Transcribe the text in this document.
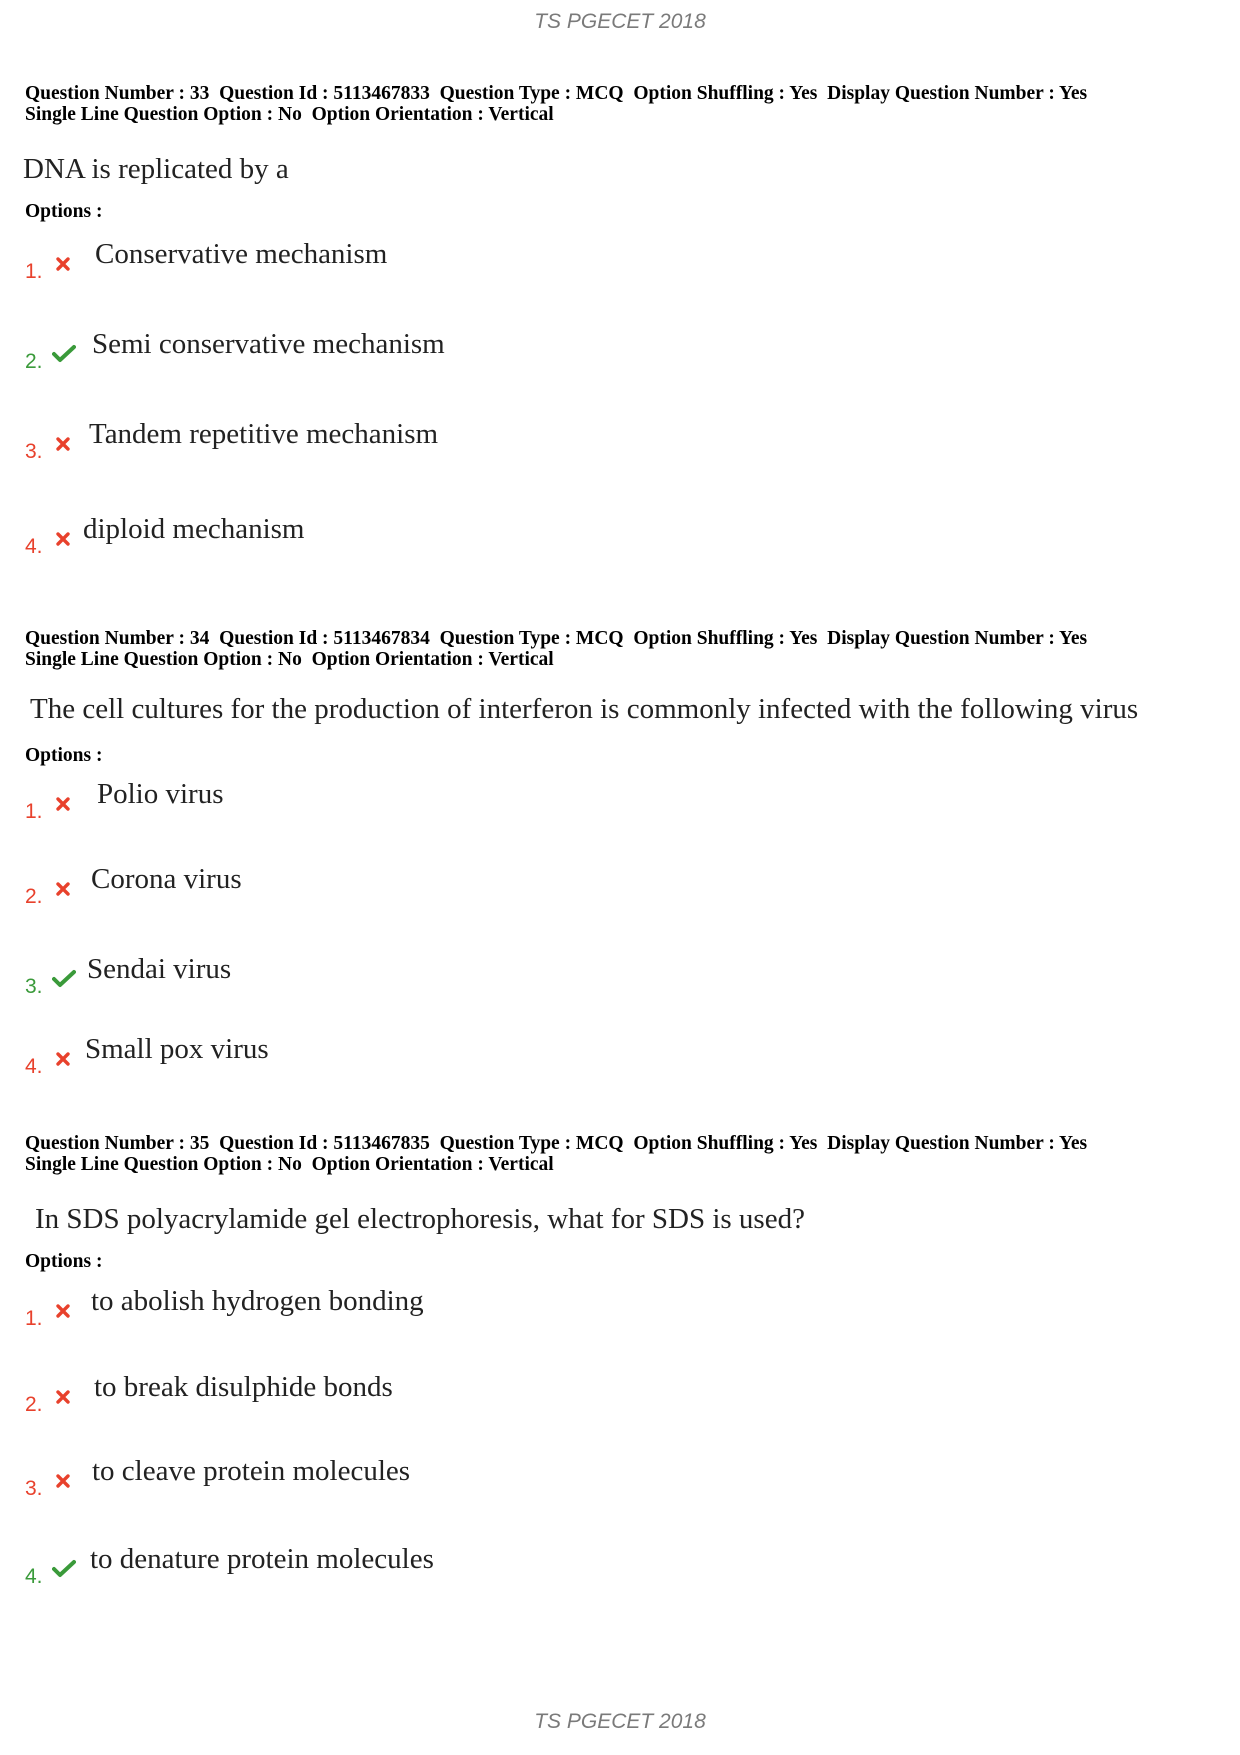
TS PGECET 2018
Question Number : 33  Question Id : 5113467833  Question Type : MCQ  Option Shuffling : Yes  Display Question Number : Yes
Single Line Question Option : No  Option Orientation : Vertical
DNA is replicated by a
Options :
1.
Conservative mechanism
2.
Semi conservative mechanism
3.
Tandem repetitive mechanism
4.
diploid mechanism
Question Number : 34  Question Id : 5113467834  Question Type : MCQ  Option Shuffling : Yes  Display Question Number : Yes
Single Line Question Option : No  Option Orientation : Vertical
The cell cultures for the production of interferon is commonly infected with the following virus
Options :
1.
Polio virus
2.
Corona virus
3.
Sendai virus
4.
Small pox virus
Question Number : 35  Question Id : 5113467835  Question Type : MCQ  Option Shuffling : Yes  Display Question Number : Yes
Single Line Question Option : No  Option Orientation : Vertical
In SDS polyacrylamide gel electrophoresis, what for SDS is used?
Options :
1.
to abolish hydrogen bonding
2.
to break disulphide bonds
3.
to cleave protein molecules
4.
to denature protein molecules
TS PGECET 2018
